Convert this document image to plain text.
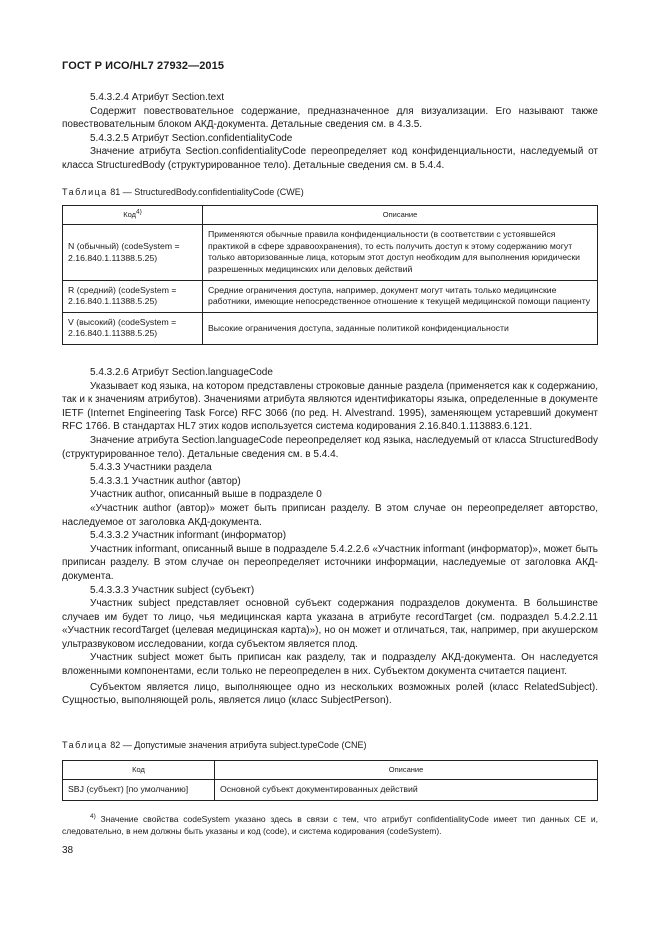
ГОСТ Р ИСО/HL7 27932—2015

5.4.3.2.4 Атрибут Section.text

Содержит повествовательное содержание, предназначенное для визуализации. Его называют также повествовательным блоком АКД-документа. Детальные сведения см. в 4.3.5.

5.4.3.2.5 Атрибут Section.confidentialityCode

Значение атрибута Section.confidentialityCode переопределяет код конфиденциальности, наследуемый от класса StructuredBody (структурированное тело). Детальные сведения см. в 5.4.4.

Таблица 81 — StructuredBody.confidentialityCode (CWE)

Код$^{4)}$	Описание
N (обычный) (codeSystem = 2.16.840.1.11388.5.25)	Применяются обычные правила конфиденциальности (в соответствии с устоявшейся практикой в сфере здравоохранения), то есть получить доступ к этому содержанию могут только авторизованные лица, которым этот доступ необходим для выполнения юридически разрешенных медицинских или деловых действий
R (средний) (codeSystem = 2.16.840.1.11388.5.25)	Средние ограничения доступа, например, документ могут читать только медицинские работники, имеющие непосредственное отношение к текущей медицинской помощи пациенту
V (высокий) (codeSystem = 2.16.840.1.11388.5.25)	Высокие ограничения доступа, заданные политикой конфиденциальности

5.4.3.2.6 Атрибут Section.languageCode

Указывает код языка, на котором представлены строковые данные раздела (применяется как к содержанию, так и к значениям атрибутов). Значениями атрибута являются идентификаторы языка, определенные в документе IETF (Internet Engineering Task Force) RFC 3066 (по ред. H. Alvestrand. 1995), заменяющем устаревший документ RFC 1766. В стандартах HL7 этих кодов используется система кодирования 2.16.840.1.113883.6.121.

Значение атрибута Section.languageCode переопределяет код языка, наследуемый от класса StructuredBody (структурированное тело). Детальные сведения см. в 5.4.4.

5.4.3.3 Участники раздела

5.4.3.3.1 Участник author (автор)

Участник author, описанный выше в подразделе 0

«Участник author (автор)» может быть приписан разделу. В этом случае он переопределяет авторство, наследуемое от заголовка АКД-документа.

5.4.3.3.2 Участник informant (информатор)

Участник informant, описанный выше в подразделе 5.4.2.2.6 «Участник informant (информатор)», может быть приписан разделу. В этом случае он переопределяет источники информации, наследуемые от заголовка АКД-документа.

5.4.3.3.3 Участник subject (субъект)

Участник subject представляет основной субъект содержания подразделов документа. В большинстве случаев им будет то лицо, чья медицинская карта указана в атрибуте recordTarget (см. подраздел 5.4.2.2.11 «Участник recordTarget (целевая медицинская карта)»), но он может и отличаться, так, например, при акушерском ультразвуковом исследовании, когда субъектом является плод.

Участник subject может быть приписан как разделу, так и подразделу АКД-документа. Он наследуется вложенными компонентами, если только не переопределен в них. Субъектом документа считается пациент.

Субъектом является лицо, выполняющее одно из нескольких возможных ролей (класс RelatedSubject). Сущностью, выполняющей роль, является лицо (класс SubjectPerson).

Таблица 82 — Допустимые значения атрибута subject.typeCode (CNE)

Код	Описание
SBJ (субъект) [по умолчанию]	Основной субъект документированных действий

$^{4)}$ Значение свойства codeSystem указано здесь в связи с тем, что атрибут confidentialityCode имеет тип данных CE и, следовательно, в нем должны быть указаны и код (code), и система кодирования (codeSystem).

38
